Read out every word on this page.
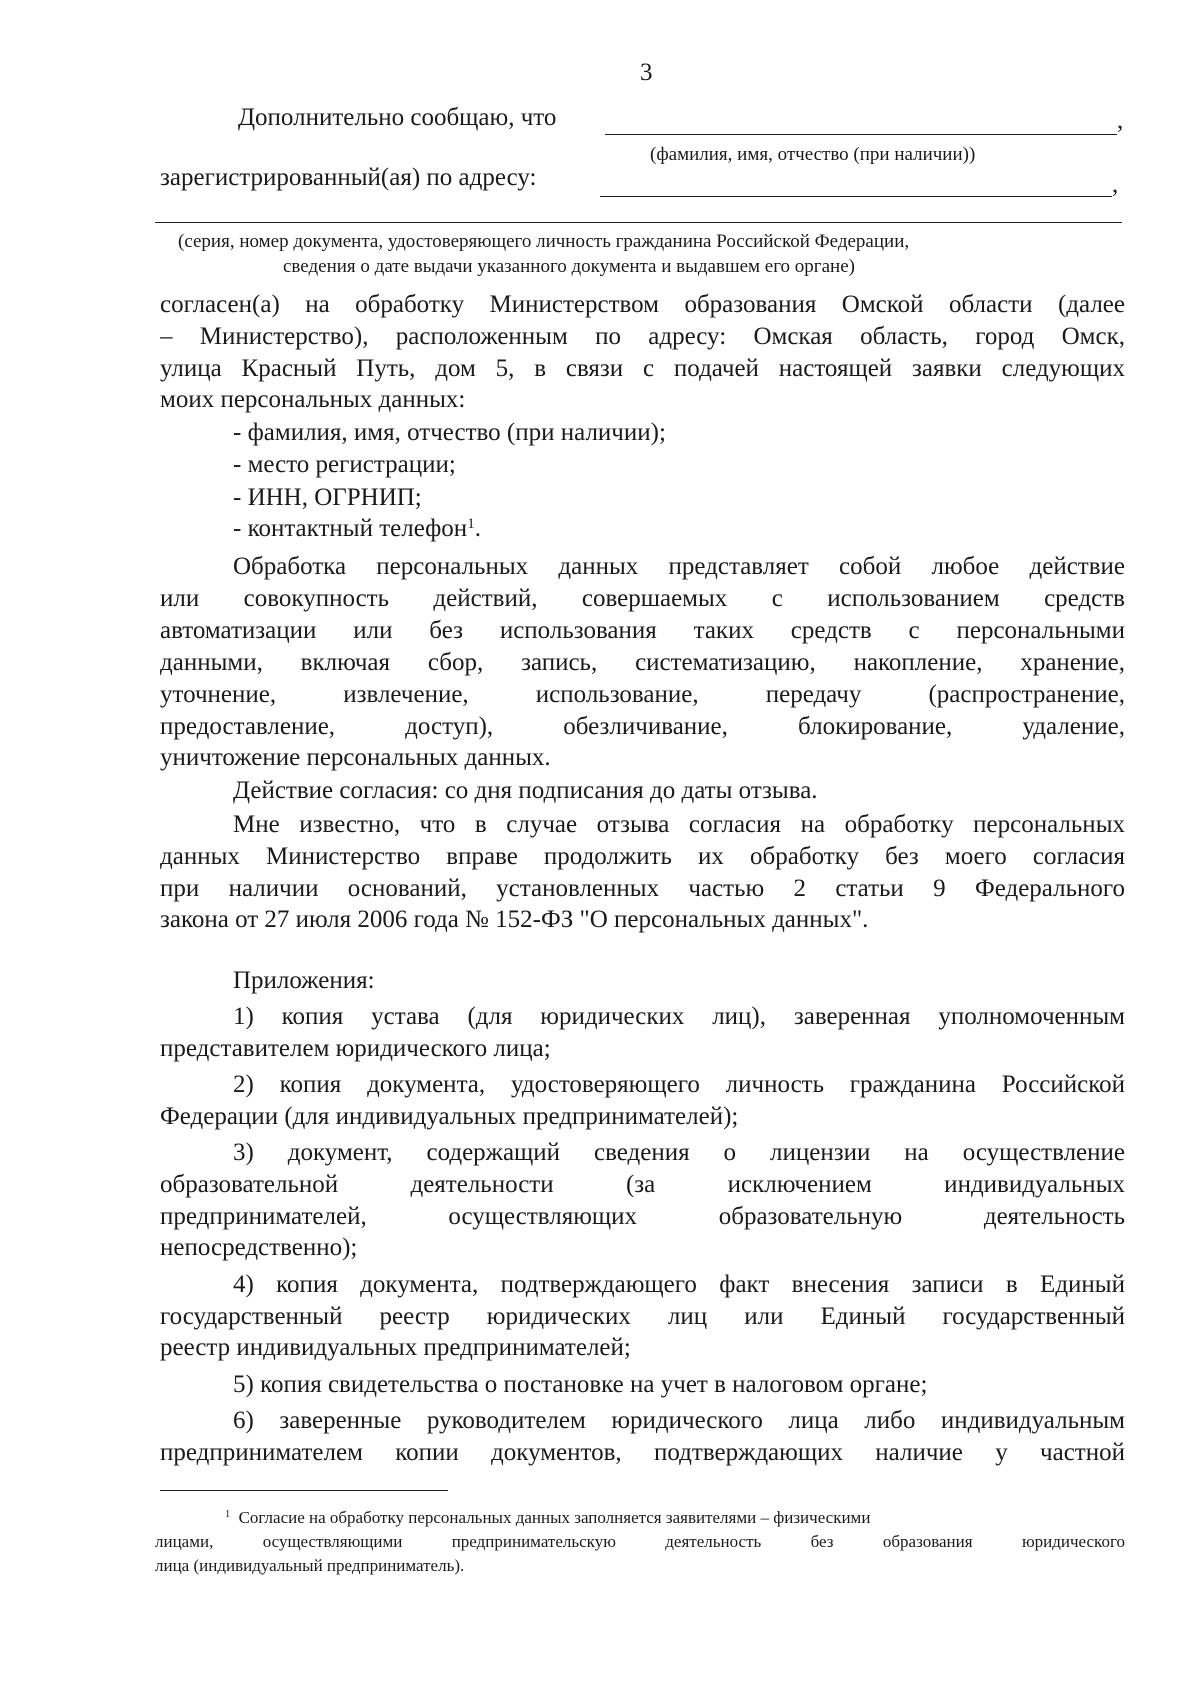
3
Дополнительно сообщаю, что	,
(фамилия, имя, отчество (при наличии))
зарегистрированный(ая) по адресу:	,
(серия, номер документа, удостоверяющего личность гражданина Российской Федерации,
сведения о дате выдачи указанного документа и выдавшем его органе)
согласен(а) на обработку Министерством образования Омской области (далее
– Министерство), расположенным по адресу: Омская область, город Омск,
улица Красный Путь, дом 5, в связи с подачей настоящей заявки следующих
моих персональных данных:
- фамилия, имя, отчество (при наличии);
- место регистрации;
- ИНН, ОГРНИП;
- контактный телефон$^1$.
Обработка персональных данных представляет собой любое действие
или совокупность действий, совершаемых с использованием средств
автоматизации или без использования таких средств с персональными
данными, включая сбор, запись, систематизацию, накопление, хранение,
уточнение, извлечение, использование, передачу (распространение,
предоставление, доступ), обезличивание, блокирование, удаление,
уничтожение персональных данных.
Действие согласия: со дня подписания до даты отзыва.
Мне известно, что в случае отзыва согласия на обработку персональных
данных Министерство вправе продолжить их обработку без моего согласия
при наличии оснований, установленных частью 2 статьи 9 Федерального
закона от 27 июля 2006 года № 152-ФЗ "О персональных данных".
Приложения:
1) копия устава (для юридических лиц), заверенная уполномоченным
представителем юридического лица;
2) копия документа, удостоверяющего личность гражданина Российской
Федерации (для индивидуальных предпринимателей);
3) документ, содержащий сведения о лицензии на осуществление
образовательной деятельности (за исключением индивидуальных
предпринимателей, осуществляющих образовательную деятельность
непосредственно);
4) копия документа, подтверждающего факт внесения записи в Единый
государственный реестр юридических лиц или Единый государственный
реестр индивидуальных предпринимателей;
5) копия свидетельства о постановке на учет в налоговом органе;
6) заверенные руководителем юридического лица либо индивидуальным
предпринимателем копии документов, подтверждающих наличие у частной
$^1$ Согласие на обработку персональных данных заполняется заявителями – физическими
лицами, осуществляющими предпринимательскую деятельность без образования юридического
лица (индивидуальный предприниматель).
